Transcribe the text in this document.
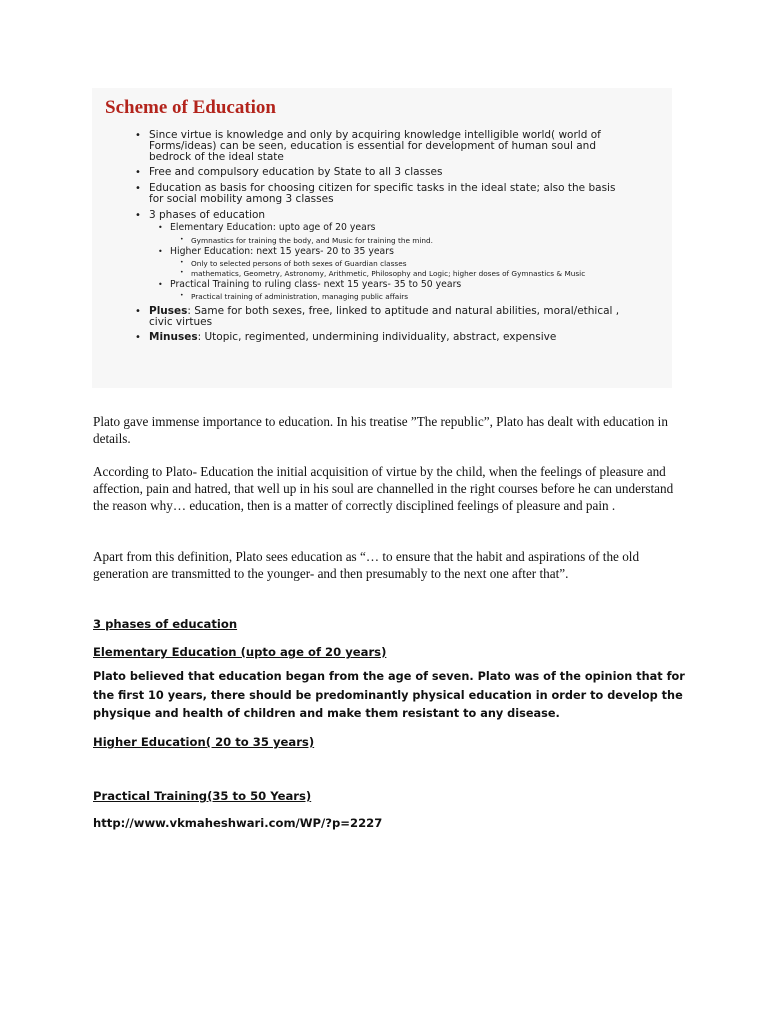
Scheme of Education
• Since virtue is knowledge and only by acquiring knowledge intelligible world( world of

Forms/ideas) can be seen, education is essential for development of human soul and

bedrock of the ideal state

• Free and compulsory education by State to all 3 classes

• Education as basis for choosing citizen for specific tasks in the ideal state; also the basis

for social mobility among 3 classes

• 3 phases of education

• Elementary Education: upto age of 20 years

• Gymnastics for training the body, and Music for training the mind.

• Higher Education: next 15 years- 20 to 35 years

• Only to selected persons of both sexes of Guardian classes

• mathematics, Geometry, Astronomy, Arithmetic, Philosophy and Logic; higher doses of Gymnastics & Music

• Practical Training to ruling class- next 15 years- 35 to 50 years

• Practical training of administration, managing public affairs

• Pluses: Same for both sexes, free, linked to aptitude and natural abilities, moral/ethical ,

civic virtues

• Minuses: Utopic, regimented, undermining individuality, abstract, expensive

Plato gave immense importance to education. In his treatise ”The republic”, Plato has dealt with education in details.

According to Plato- Education the initial acquisition of virtue by the child, when the feelings of pleasure and affection, pain and hatred, that well up in his soul are channelled in the right courses before he can understand the reason why… education, then is a matter of correctly disciplined feelings of pleasure and pain .

Apart from this definition, Plato sees education as “… to ensure that the habit and aspirations of the old generation are transmitted to the younger- and then presumably to the next one after that”.

3 phases of education

Elementary Education (upto age of 20 years)

Plato believed that education began from the age of seven. Plato was of the opinion that for the first 10 years, there should be predominantly physical education in order to develop the physique and health of children and make them resistant to any disease.

Higher Education( 20 to 35 years)

Practical Training(35 to 50 Years)

http://www.vkmaheshwari.com/WP/?p=2227
